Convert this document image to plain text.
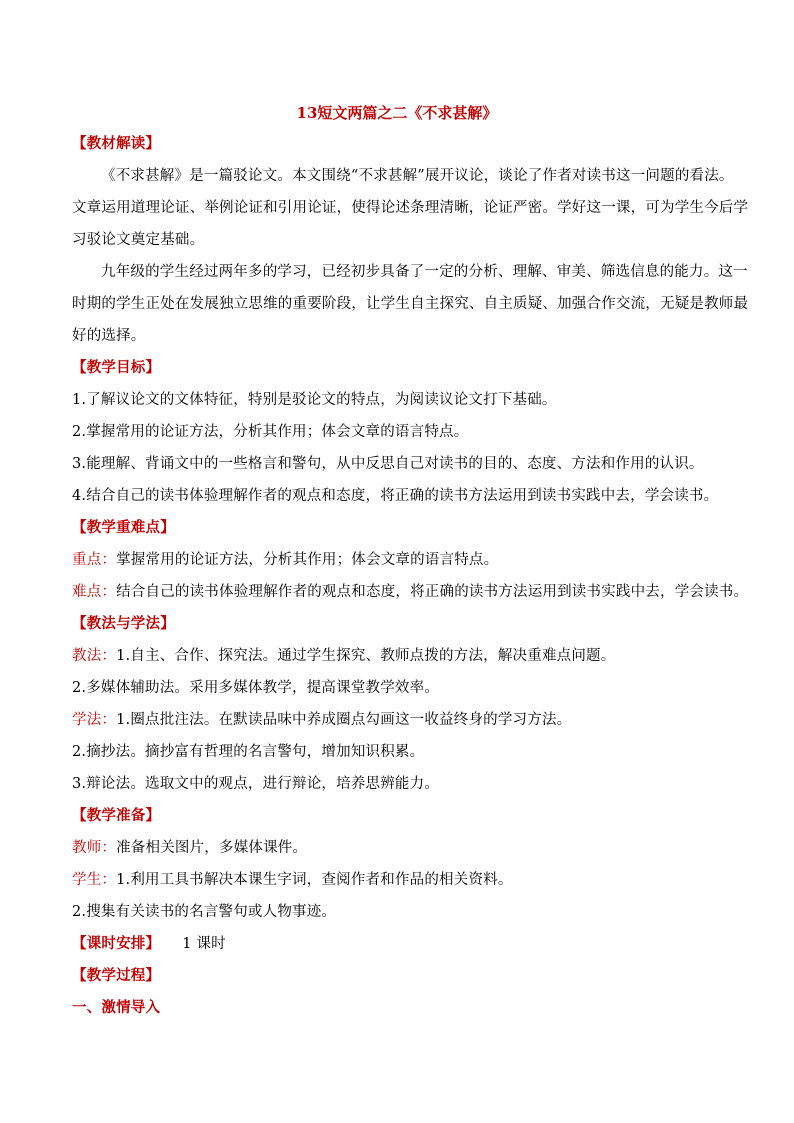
13短文两篇之二《不求甚解》
【教材解读】
《不求甚解》是一篇驳论文。本文围绕“不求甚解”展开议论，谈论了作者对读书这一问题的看法。
文章运用道理论证、举例论证和引用论证，使得论述条理清晰，论证严密。学好这一课，可为学生今后学
习驳论文奠定基础。
九年级的学生经过两年多的学习，已经初步具备了一定的分析、理解、审美、筛选信息的能力。这一
时期的学生正处在发展独立思维的重要阶段，让学生自主探究、自主质疑、加强合作交流，无疑是教师最
好的选择。
【教学目标】
1.了解议论文的文体特征，特别是驳论文的特点，为阅读议论文打下基础。
2.掌握常用的论证方法，分析其作用；体会文章的语言特点。
3.能理解、背诵文中的一些格言和警句，从中反思自己对读书的目的、态度、方法和作用的认识。
4.结合自己的读书体验理解作者的观点和态度，将正确的读书方法运用到读书实践中去，学会读书。
【教学重难点】
重点：掌握常用的论证方法，分析其作用；体会文章的语言特点。
难点：结合自己的读书体验理解作者的观点和态度，将正确的读书方法运用到读书实践中去，学会读书。
【教法与学法】
教法：1.自主、合作、探究法。通过学生探究、教师点拨的方法，解决重难点问题。
2.多媒体辅助法。采用多媒体教学，提高课堂教学效率。
学法：1.圈点批注法。在默读品味中养成圈点勾画这一收益终身的学习方法。
2.摘抄法。摘抄富有哲理的名言警句，增加知识积累。
3.辩论法。选取文中的观点，进行辩论，培养思辨能力。
【教学准备】
教师：准备相关图片，多媒体课件。
学生：1.利用工具书解决本课生字词，查阅作者和作品的相关资料。
2.搜集有关读书的名言警句或人物事迹。
【课时安排】 1 课时
【教学过程】
一、激情导入
